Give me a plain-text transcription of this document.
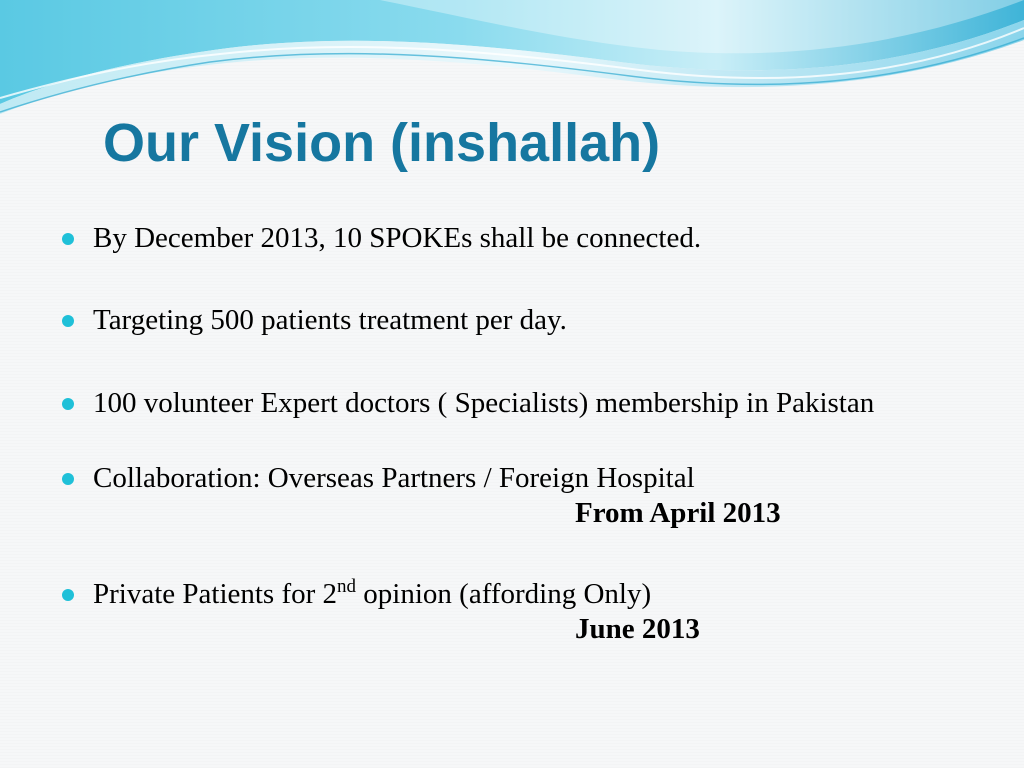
Our Vision (inshallah)
By December 2013, 10 SPOKEs shall be connected.
Targeting 500 patients treatment per day.
100 volunteer Expert doctors ( Specialists) membership in Pakistan
Collaboration: Overseas Partners / Foreign Hospital
From April 2013
Private Patients for 2nd opinion (affording Only)
June 2013
